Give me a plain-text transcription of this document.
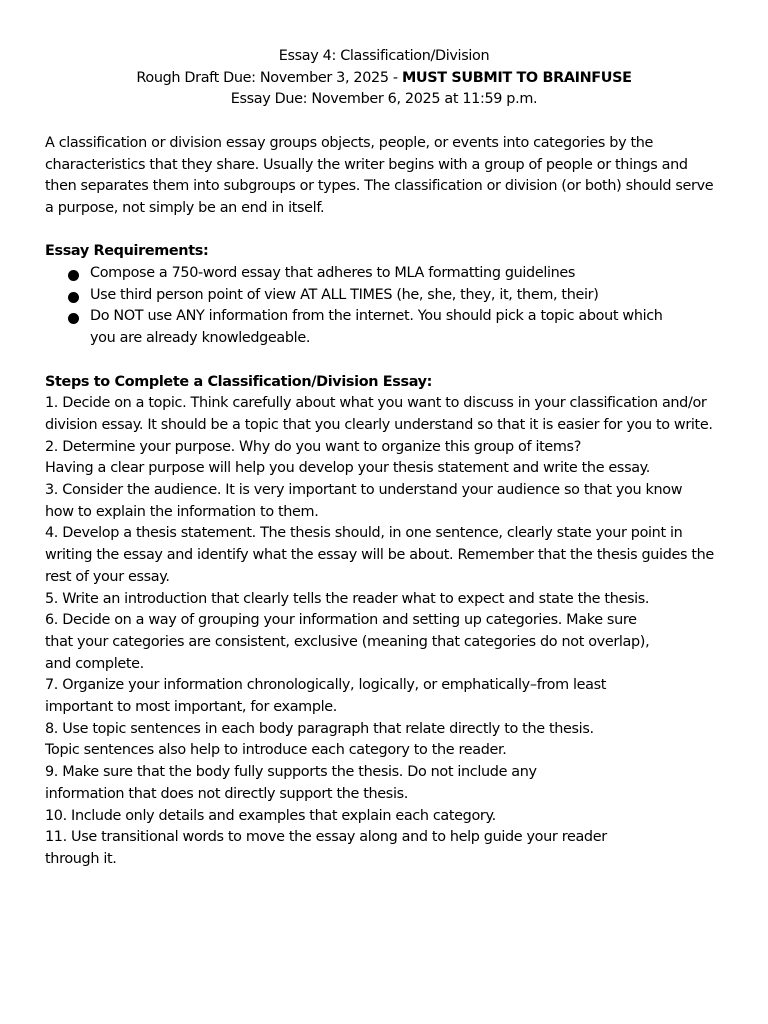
Essay 4: Classification/Division
Rough Draft Due: November 3, 2025 - MUST SUBMIT TO BRAINFUSE
Essay Due: November 6, 2025 at 11:59 p.m.

A classification or division essay groups objects, people, or events into categories by the characteristics that they share. Usually the writer begins with a group of people or things and then separates them into subgroups or types. The classification or division (or both) should serve a purpose, not simply be an end in itself.

Essay Requirements:
Compose a 750-word essay that adheres to MLA formatting guidelines
Use third person point of view AT ALL TIMES (he, she, they, it, them, their)
Do NOT use ANY information from the internet. You should pick a topic about which you are already knowledgeable.
Steps to Complete a Classification/Division Essay:

1. Decide on a topic. Think carefully about what you want to discuss in your classification and/or division essay. It should be a topic that you clearly understand so that it is easier for you to write.

2. Determine your purpose. Why do you want to organize this group of items?

Having a clear purpose will help you develop your thesis statement and write the essay.

3. Consider the audience. It is very important to understand your audience so that you know how to explain the information to them.

4. Develop a thesis statement. The thesis should, in one sentence, clearly state your point in writing the essay and identify what the essay will be about. Remember that the thesis guides the rest of your essay.

5. Write an introduction that clearly tells the reader what to expect and state the thesis.

6. Decide on a way of grouping your information and setting up categories. Make sure that your categories are consistent, exclusive (meaning that categories do not overlap), and complete.

7. Organize your information chronologically, logically, or emphatically–from least important to most important, for example.

8. Use topic sentences in each body paragraph that relate directly to the thesis.

Topic sentences also help to introduce each category to the reader.

9. Make sure that the body fully supports the thesis. Do not include any information that does not directly support the thesis.

10. Include only details and examples that explain each category.

11. Use transitional words to move the essay along and to help guide your reader through it.
